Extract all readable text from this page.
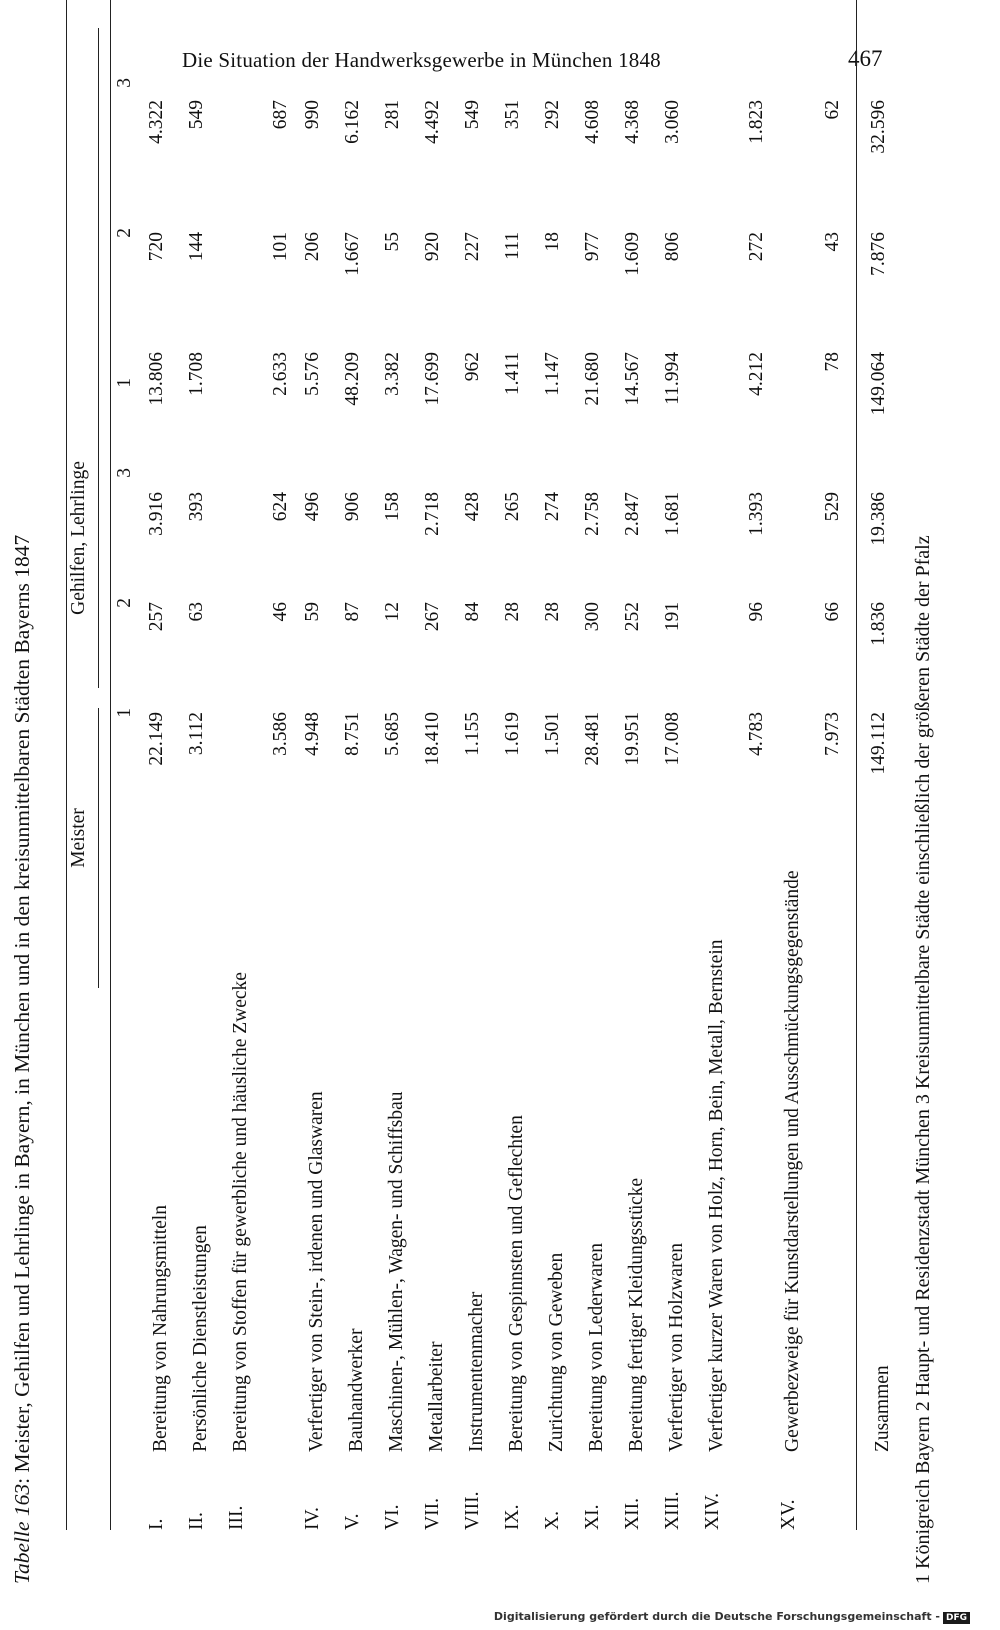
Die Situation der Handwerksgewerbe in München 1848	467
Tabelle 163: Meister, Gehilfen und Lehrlinge in Bayern, in München und in den kreisunmittelbaren Städten Bayerns 1847 Meister
Gehilfen, Lehrlinge
1
2
3
1
2
3
I.	Bereitung von Nahrungsmitteln	22.149	257	3.916	13.806	720	4.322	
II.	Persönliche Dienstleistungen	3.112	63	393	1.708	144	549	
III.	Bereitung von Stoffen für gewerbliche und häusliche Zwecke	3.586	46	624	2.633	101	687	
IV.	Verfertiger von Stein-, irdenen und Glaswaren	4.948	59	496	5.576	206	990	
V.	Bauhandwerker	8.751	87	906	48.209	1.667	6.162	
VI.	Maschinen-, Mühlen-, Wagen- und Schiffsbau	5.685	12	158	3.382	55	281	
VII.	Metallarbeiter	18.410	267	2.718	17.699	920	4.492	
VIII.	Instrumentenmacher	1.155	84	428	962	227	549	
IX.	Bereitung von Gespinnsten und Geflechten	1.619	28	265	1.411	111	351	
X.	Zurichtung von Geweben	1.501	28	274	1.147	18	292	
XI.	Bereitung von Lederwaren	28.481	300	2.758	21.680	977	4.608	
XII.	Bereitung fertiger Kleidungsstücke	19.951	252	2.847	14.567	1.609	4.368	
XIII.	Verfertiger von Holzwaren	17.008	191	1.681	11.994	806	3.060	
XIV.	Verfertiger kurzer Waren von Holz, Horn, Bein, Metall, Bernstein	4.783	96	1.393	4.212	272	1.823	
XV.	Gewerbezweige für Kunstdarstellungen und Ausschmückungsgegenstände	7.973	66	529	78	43	62	

	Zusammen	149.112	1.836	19.386	149.064	7.876	32.596	
1 Königreich Bayern 2 Haupt- und Residenzstadt München 3 Kreisunmittelbare Städte einschließlich der größeren Städte der Pfalz
Digitalisierung gefördert durch die Deutsche Forschungsgemeinschaft - DFG
